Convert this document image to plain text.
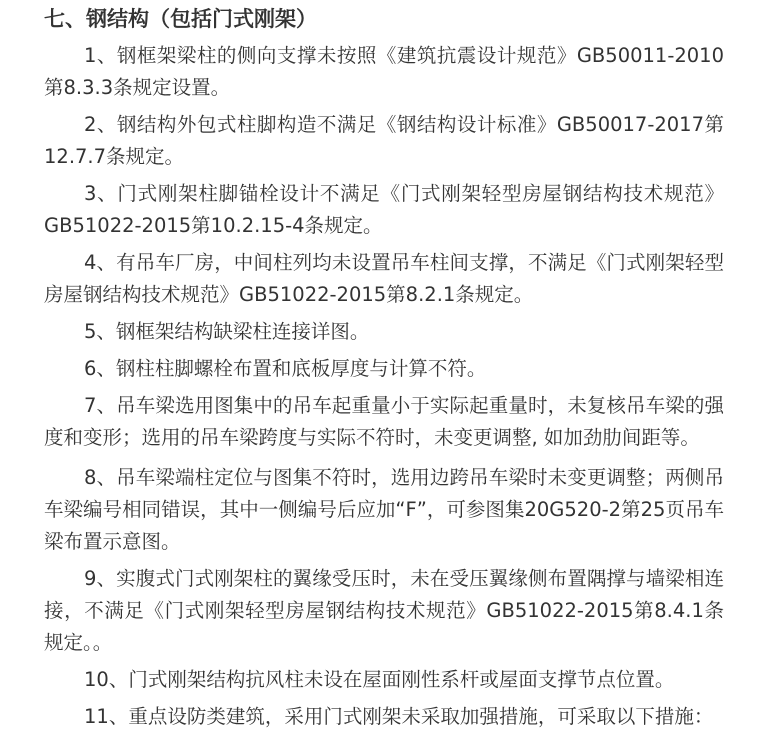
七、钢结构（包括门式刚架）

1、钢框架梁柱的侧向支撑未按照《建筑抗震设计规范》GB50011-2010第8.3.3条规定设置。

2、钢结构外包式柱脚构造不满足《钢结构设计标准》GB50017-2017第12.7.7条规定。

3、门式刚架柱脚锚栓设计不满足《门式刚架轻型房屋钢结构技术规范》GB51022-2015第10.2.15-4条规定。

4、有吊车厂房，中间柱列均未设置吊车柱间支撑，不满足《门式刚架轻型房屋钢结构技术规范》GB51022-2015第8.2.1条规定。

5、钢框架结构缺梁柱连接详图。

6、钢柱柱脚螺栓布置和底板厚度与计算不符。

7、吊车梁选用图集中的吊车起重量小于实际起重量时，未复核吊车梁的强度和变形；选用的吊车梁跨度与实际不符时，未变更调整, 如加劲肋间距等。

8、吊车梁端柱定位与图集不符时，选用边跨吊车梁时未变更调整；两侧吊车梁编号相同错误，其中一侧编号后应加“F”，可参图集20G520-2第25页吊车梁布置示意图。

9、实腹式门式刚架柱的翼缘受压时，未在受压翼缘侧布置隅撑与墙梁相连接，不满足《门式刚架轻型房屋钢结构技术规范》GB51022-2015第8.4.1条规定。。

10、门式刚架结构抗风柱未设在屋面刚性系杆或屋面支撑节点位置。

11、重点设防类建筑，采用门式刚架未采取加强措施，可采取以下措施：
